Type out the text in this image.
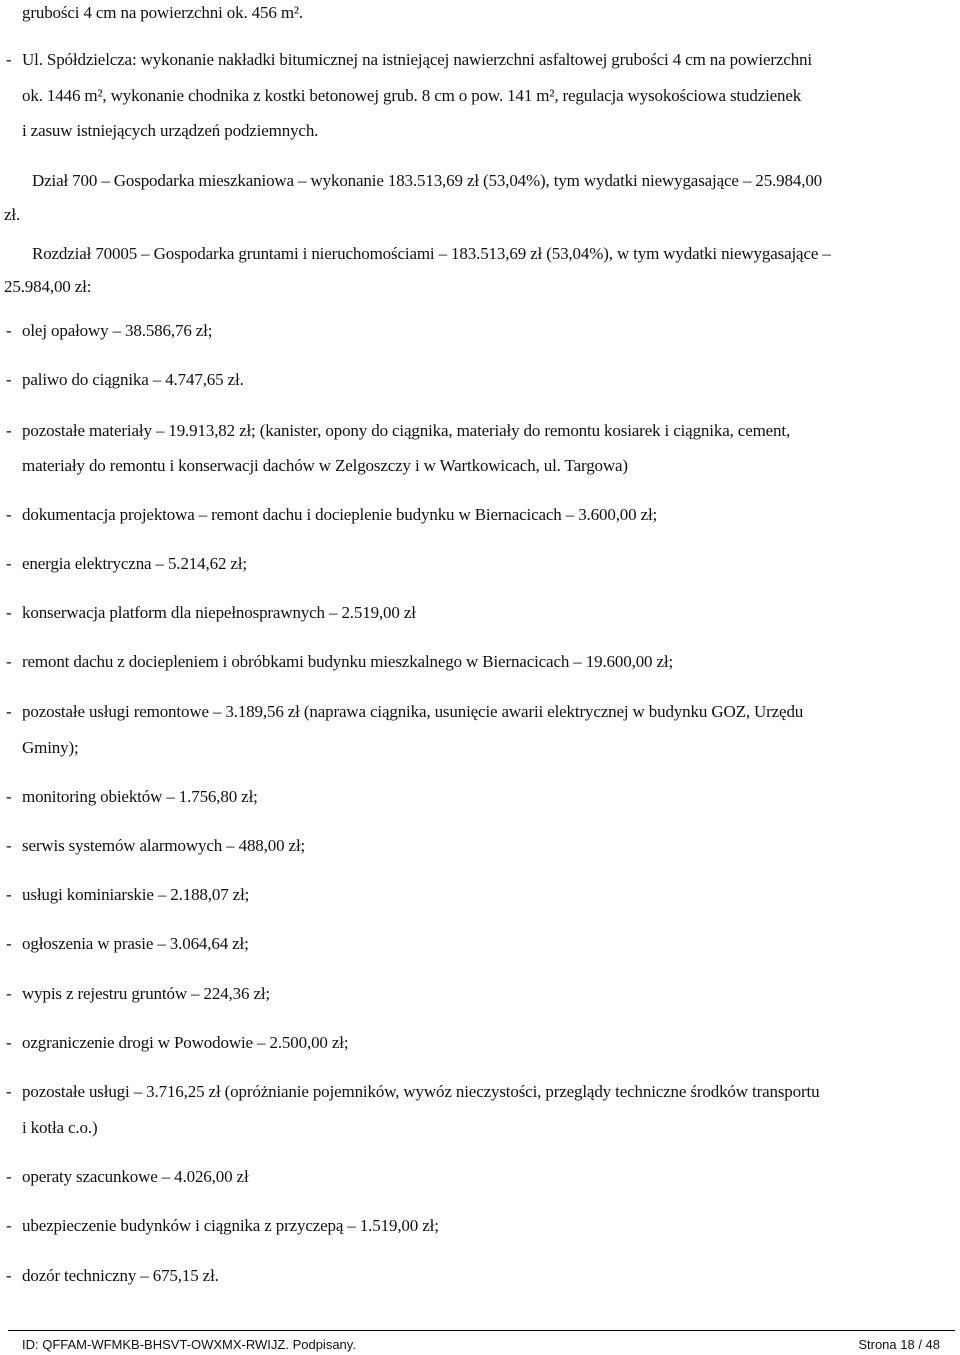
grubości 4 cm na powierzchni ok. 456 m².
- Ul. Spółdzielcza: wykonanie nakładki bitumicznej na istniejącej nawierzchni asfaltowej grubości 4 cm na powierzchni
ok. 1446 m², wykonanie chodnika z kostki betonowej grub. 8 cm o pow. 141 m², regulacja wysokościowa studzienek
i zasuw istniejących urządzeń podziemnych.
Dział 700 – Gospodarka mieszkaniowa – wykonanie 183.513,69 zł (53,04%), tym wydatki niewygasające – 25.984,00
zł.
Rozdział 70005 – Gospodarka gruntami i nieruchomościami – 183.513,69 zł (53,04%), w tym wydatki niewygasające –
25.984,00 zł:
- olej opałowy – 38.586,76 zł;
- paliwo do ciągnika – 4.747,65 zł.
- pozostałe materiały – 19.913,82 zł; (kanister, opony do ciągnika, materiały do remontu kosiarek i ciągnika, cement,
materiały do remontu i konserwacji dachów w Zelgoszczy i w Wartkowicach, ul. Targowa)
- dokumentacja projektowa – remont dachu i docieplenie budynku w Biernacicach – 3.600,00 zł;
- energia elektryczna – 5.214,62 zł;
- konserwacja platform dla niepełnosprawnych – 2.519,00 zł
- remont dachu z dociepleniem i obróbkami budynku mieszkalnego w Biernacicach – 19.600,00 zł;
- pozostałe usługi remontowe – 3.189,56 zł (naprawa ciągnika, usunięcie awarii elektrycznej w budynku GOZ, Urzędu
Gminy);
- monitoring obiektów – 1.756,80 zł;
- serwis systemów alarmowych – 488,00 zł;
- usługi kominiarskie – 2.188,07 zł;
- ogłoszenia w prasie – 3.064,64 zł;
- wypis z rejestru gruntów – 224,36 zł;
- ozgraniczenie drogi w Powodowie – 2.500,00 zł;
- pozostałe usługi – 3.716,25 zł (opróżnianie pojemników, wywóz nieczystości, przeglądy techniczne środków transportu
i kotła c.o.)
- operaty szacunkowe – 4.026,00 zł
- ubezpieczenie budynków i ciągnika z przyczepą – 1.519,00 zł;
- dozór techniczny – 675,15 zł.
ID: QFFAM-WFMKB-BHSVT-OWXMX-RWIJZ. Podpisany.	Strona 18 / 48
